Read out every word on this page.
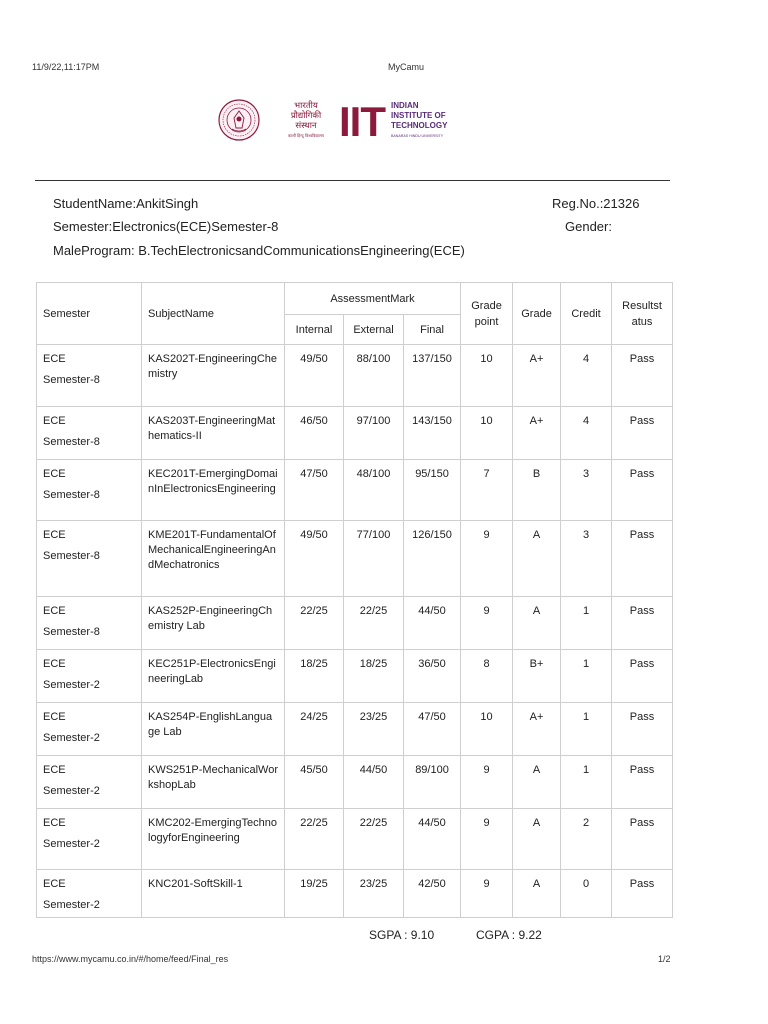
11/9/22,11:17PM	MyCamu
भारतीय
प्रौद्योगिकी
संस्थान
काशी हिन्दू विश्वविद्यालय IIT INDIAN
INSTITUTE OF
TECHNOLOGY
BANARAS HINDU UNIVERSITY
StudentName:AnkitSingh	Reg.No.:21326
Semester:Electronics(ECE)Semester-8	Gender:
MaleProgram: B.TechElectronicsandCommunicationsEngineering(ECE)
Semester	SubjectName	AssessmentMark			Grade point	Grade	Credit	Resultst atus
		Internal	External	Final				

ECE
Semester-8	KAS202T-EngineeringChemistry	49/50	88/100	137/150	10	A+	4	Pass

ECE
Semester-8	KAS203T-EngineeringMathematics-II	46/50	97/100	143/150	10	A+	4	Pass

ECE
Semester-8	KEC201T-EmergingDomainInElectronicsEngineering	47/50	48/100	95/150	7	B	3	Pass

ECE
Semester-8	KME201T-FundamentalOfMechanicalEngineeringAndMechatronics	49/50	77/100	126/150	9	A	3	Pass

ECE
Semester-8	KAS252P-EngineeringChemistry Lab	22/25	22/25	44/50	9	A	1	Pass

ECE
Semester-2	KEC251P-ElectronicsEngineeringLab	18/25	18/25	36/50	8	B+	1	Pass

ECE
Semester-2	KAS254P-EnglishLanguage Lab	24/25	23/25	47/50	10	A+	1	Pass

ECE
Semester-2	KWS251P-MechanicalWorkshopLab	45/50	44/50	89/100	9	A	1	Pass

ECE
Semester-2	KMC202-EmergingTechnologyforEngineering	22/25	22/25	44/50	9	A	2	Pass

ECE
Semester-2	KNC201-SoftSkill-1	19/25	23/25	42/50	9	A	0	Pass
SGPA : 9.10	CGPA : 9.22
https://www.mycamu.co.in/#/home/feed/Final_res	1/2
